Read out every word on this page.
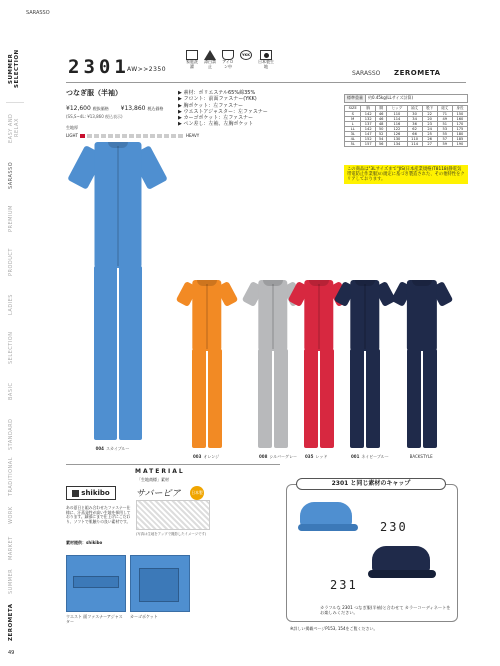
SARASSO
SUMMER SELECTION
EASY AND RELAX
SARASSO
PREMIUM
PRODUCT
LADIES
SELECTION
BASIC
STANDARD
TRADITIONAL
WORK
MARKET
SUMMER
ZEROMETA
2301
AW>>2350
家庭洗濯
漂白禁止
アイロン中
YKK

日本製生地
SARASSO ZEROMETA
つなぎ服（半袖）
¥12,600 税抜価格 ¥13,860 税込価格
(SS,S~4L: ¥13,860 税込表示)
生地厚
LIGHT	HEAVY
▶ 素材：ポリエステル65%綿35%
▶ フロント：前面ファスナー(YKK)
▶ 胸ポケット：左ファスナー
▶ ウエストアジャスター：左ファスナー
▶ カーゴポケット：左ファスナー
▶ ペン差し：左袖、左胸ポケット
標準重量	約0.45kg(LLサイズ計算)
SIZE	胸	胴	ヒップ	袖丈	股下	総丈	身長
S	142	46	110	30	22	71	150
M	132	46	114	34	20	49	160
L	137	48	116	36	23	51	170
LL	142	50	122	62	24	53	175
3L	147	52	126	66	25	55	180
4L	152	54	130	110	26	57	185
5L	157	56	134	114	27	59	190
この商品は"3Lサイズまで"JIS(日本産業規格)T8118(静電気帯電防止作業服)の規定に基づき製造された、その他特性をクリアしております。
004 スカイブルー
003 オレンジ	008 シルバーグレー 035 レッド	001 ネイビーブルー	BACKSTYLE
MATERIAL
「生地商標」素材
shikibo	サバービア	日本製
あの夏日と組み合わせたファスナー仕様に、汗蒸発性が高い生地を採用しております。細部にまで仕上げにこだわり、ソフトで肌触りの良い素材です。
(写真は生地をアップで撮影したイメージです)
素材提供：shikibo
ウエスト 面ファスナーアジャスター
カーゴポケット
2301 と同じ素材のキャップ
230
231
カラフルな 2301 つなぎ服(半袖)と合わせて カラーコーディネートをお楽しみください。
※詳しい掲載ページP153, 154をご覧ください。
49
